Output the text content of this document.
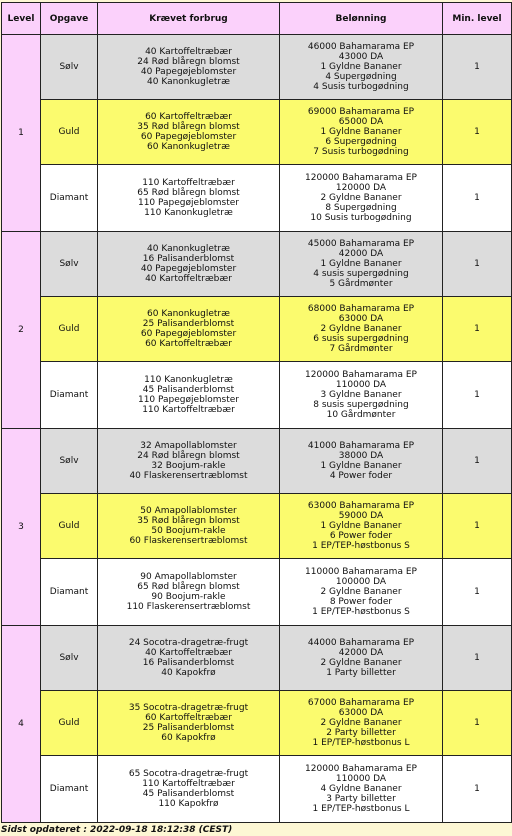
Level	Opgave	Krævet forbrug	Belønning	Min. level
1	Sølv	40 Kartoffeltræbær
24 Rød blåregn blomst
40 Papegøjeblomster
40 Kanonkugletræ	46000 Bahamarama EP
43000 DA
1 Gyldne Bananer
4 Supergødning
4 Susis turbogødning	1
	Guld	60 Kartoffeltræbær
35 Rød blåregn blomst
60 Papegøjeblomster
60 Kanonkugletræ	69000 Bahamarama EP
65000 DA
1 Gyldne Bananer
6 Supergødning
7 Susis turbogødning	1
	Diamant	110 Kartoffeltræbær
65 Rød blåregn blomst
110 Papegøjeblomster
110 Kanonkugletræ	120000 Bahamarama EP
120000 DA
2 Gyldne Bananer
8 Supergødning
10 Susis turbogødning	1
2	Sølv	40 Kanonkugletræ
16 Palisanderblomst
40 Papegøjeblomster
40 Kartoffeltræbær	45000 Bahamarama EP
42000 DA
1 Gyldne Bananer
4 susis supergødning
5 Gårdmønter	1
	Guld	60 Kanonkugletræ
25 Palisanderblomst
60 Papegøjeblomster
60 Kartoffeltræbær	68000 Bahamarama EP
63000 DA
2 Gyldne Bananer
6 susis supergødning
7 Gårdmønter	1
	Diamant	110 Kanonkugletræ
45 Palisanderblomst
110 Papegøjeblomster
110 Kartoffeltræbær	120000 Bahamarama EP
110000 DA
3 Gyldne Bananer
8 susis supergødning
10 Gårdmønter	1
3	Sølv	32 Amapollablomster
24 Rød blåregn blomst
32 Boojum-rakle
40 Flaskerensertræblomst	41000 Bahamarama EP
38000 DA
1 Gyldne Bananer
4 Power foder	1
	Guld	50 Amapollablomster
35 Rød blåregn blomst
50 Boojum-rakle
60 Flaskerensertræblomst	63000 Bahamarama EP
59000 DA
1 Gyldne Bananer
6 Power foder
1 EP/TEP-høstbonus S	1
	Diamant	90 Amapollablomster
65 Rød blåregn blomst
90 Boojum-rakle
110 Flaskerensertræblomst	110000 Bahamarama EP
100000 DA
2 Gyldne Bananer
8 Power foder
1 EP/TEP-høstbonus S	1
4	Sølv	24 Socotra-dragetræ-frugt
40 Kartoffeltræbær
16 Palisanderblomst
40 Kapokfrø	44000 Bahamarama EP
42000 DA
2 Gyldne Bananer
1 Party billetter	1
	Guld	35 Socotra-dragetræ-frugt
60 Kartoffeltræbær
25 Palisanderblomst
60 Kapokfrø	67000 Bahamarama EP
63000 DA
2 Gyldne Bananer
2 Party billetter
1 EP/TEP-høstbonus L	1
	Diamant	65 Socotra-dragetræ-frugt
110 Kartoffeltræbær
45 Palisanderblomst
110 Kapokfrø	120000 Bahamarama EP
110000 DA
4 Gyldne Bananer
3 Party billetter
1 EP/TEP-høstbonus L	1
Sidst opdateret : 2022-09-18 18:12:38 (CEST)
